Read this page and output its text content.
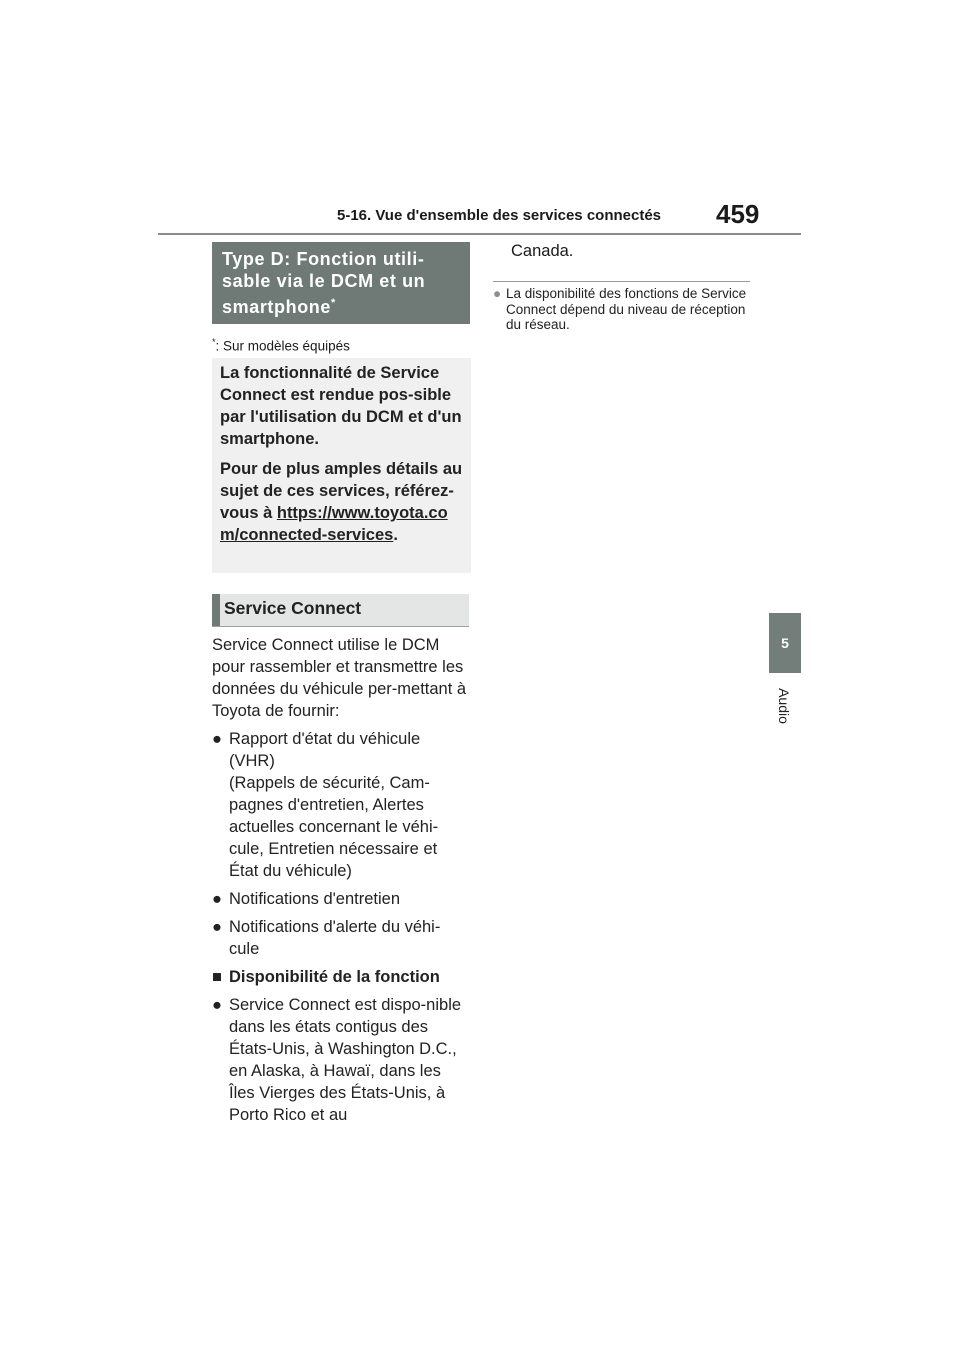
5-16. Vue d'ensemble des services connectés 459
5
Audio
Type D: Fonction utili-
sable via le DCM et un
smartphone*
*: Sur modèles équipés

La fonctionnalité de Service Connect est rendue pos-sible par l'utilisation du DCM et d'un smartphone.

Pour de plus amples détails au sujet de ces services, référez-vous à https://www.toyota.com/connected-services.

Service Connect

Service Connect utilise le DCM pour rassembler et transmettre les données du véhicule per-mettant à Toyota de fournir:

● Rapport d'état du véhicule (VHR)
(Rappels de sécurité, Cam-pagnes d'entretien, Alertes actuelles concernant le véhi-cule, Entretien nécessaire et État du véhicule)
● Notifications d'entretien
● Notifications d'alerte du véhi-cule
■ Disponibilité de la fonction
● Service Connect est dispo-nible dans les états contigus des États-Unis, à Washington D.C., en Alaska, à Hawaï, dans les Îles Vierges des États-Unis, à Porto Rico et au
Canada.
● La disponibilité des fonctions de Service Connect dépend du niveau de réception du réseau.
